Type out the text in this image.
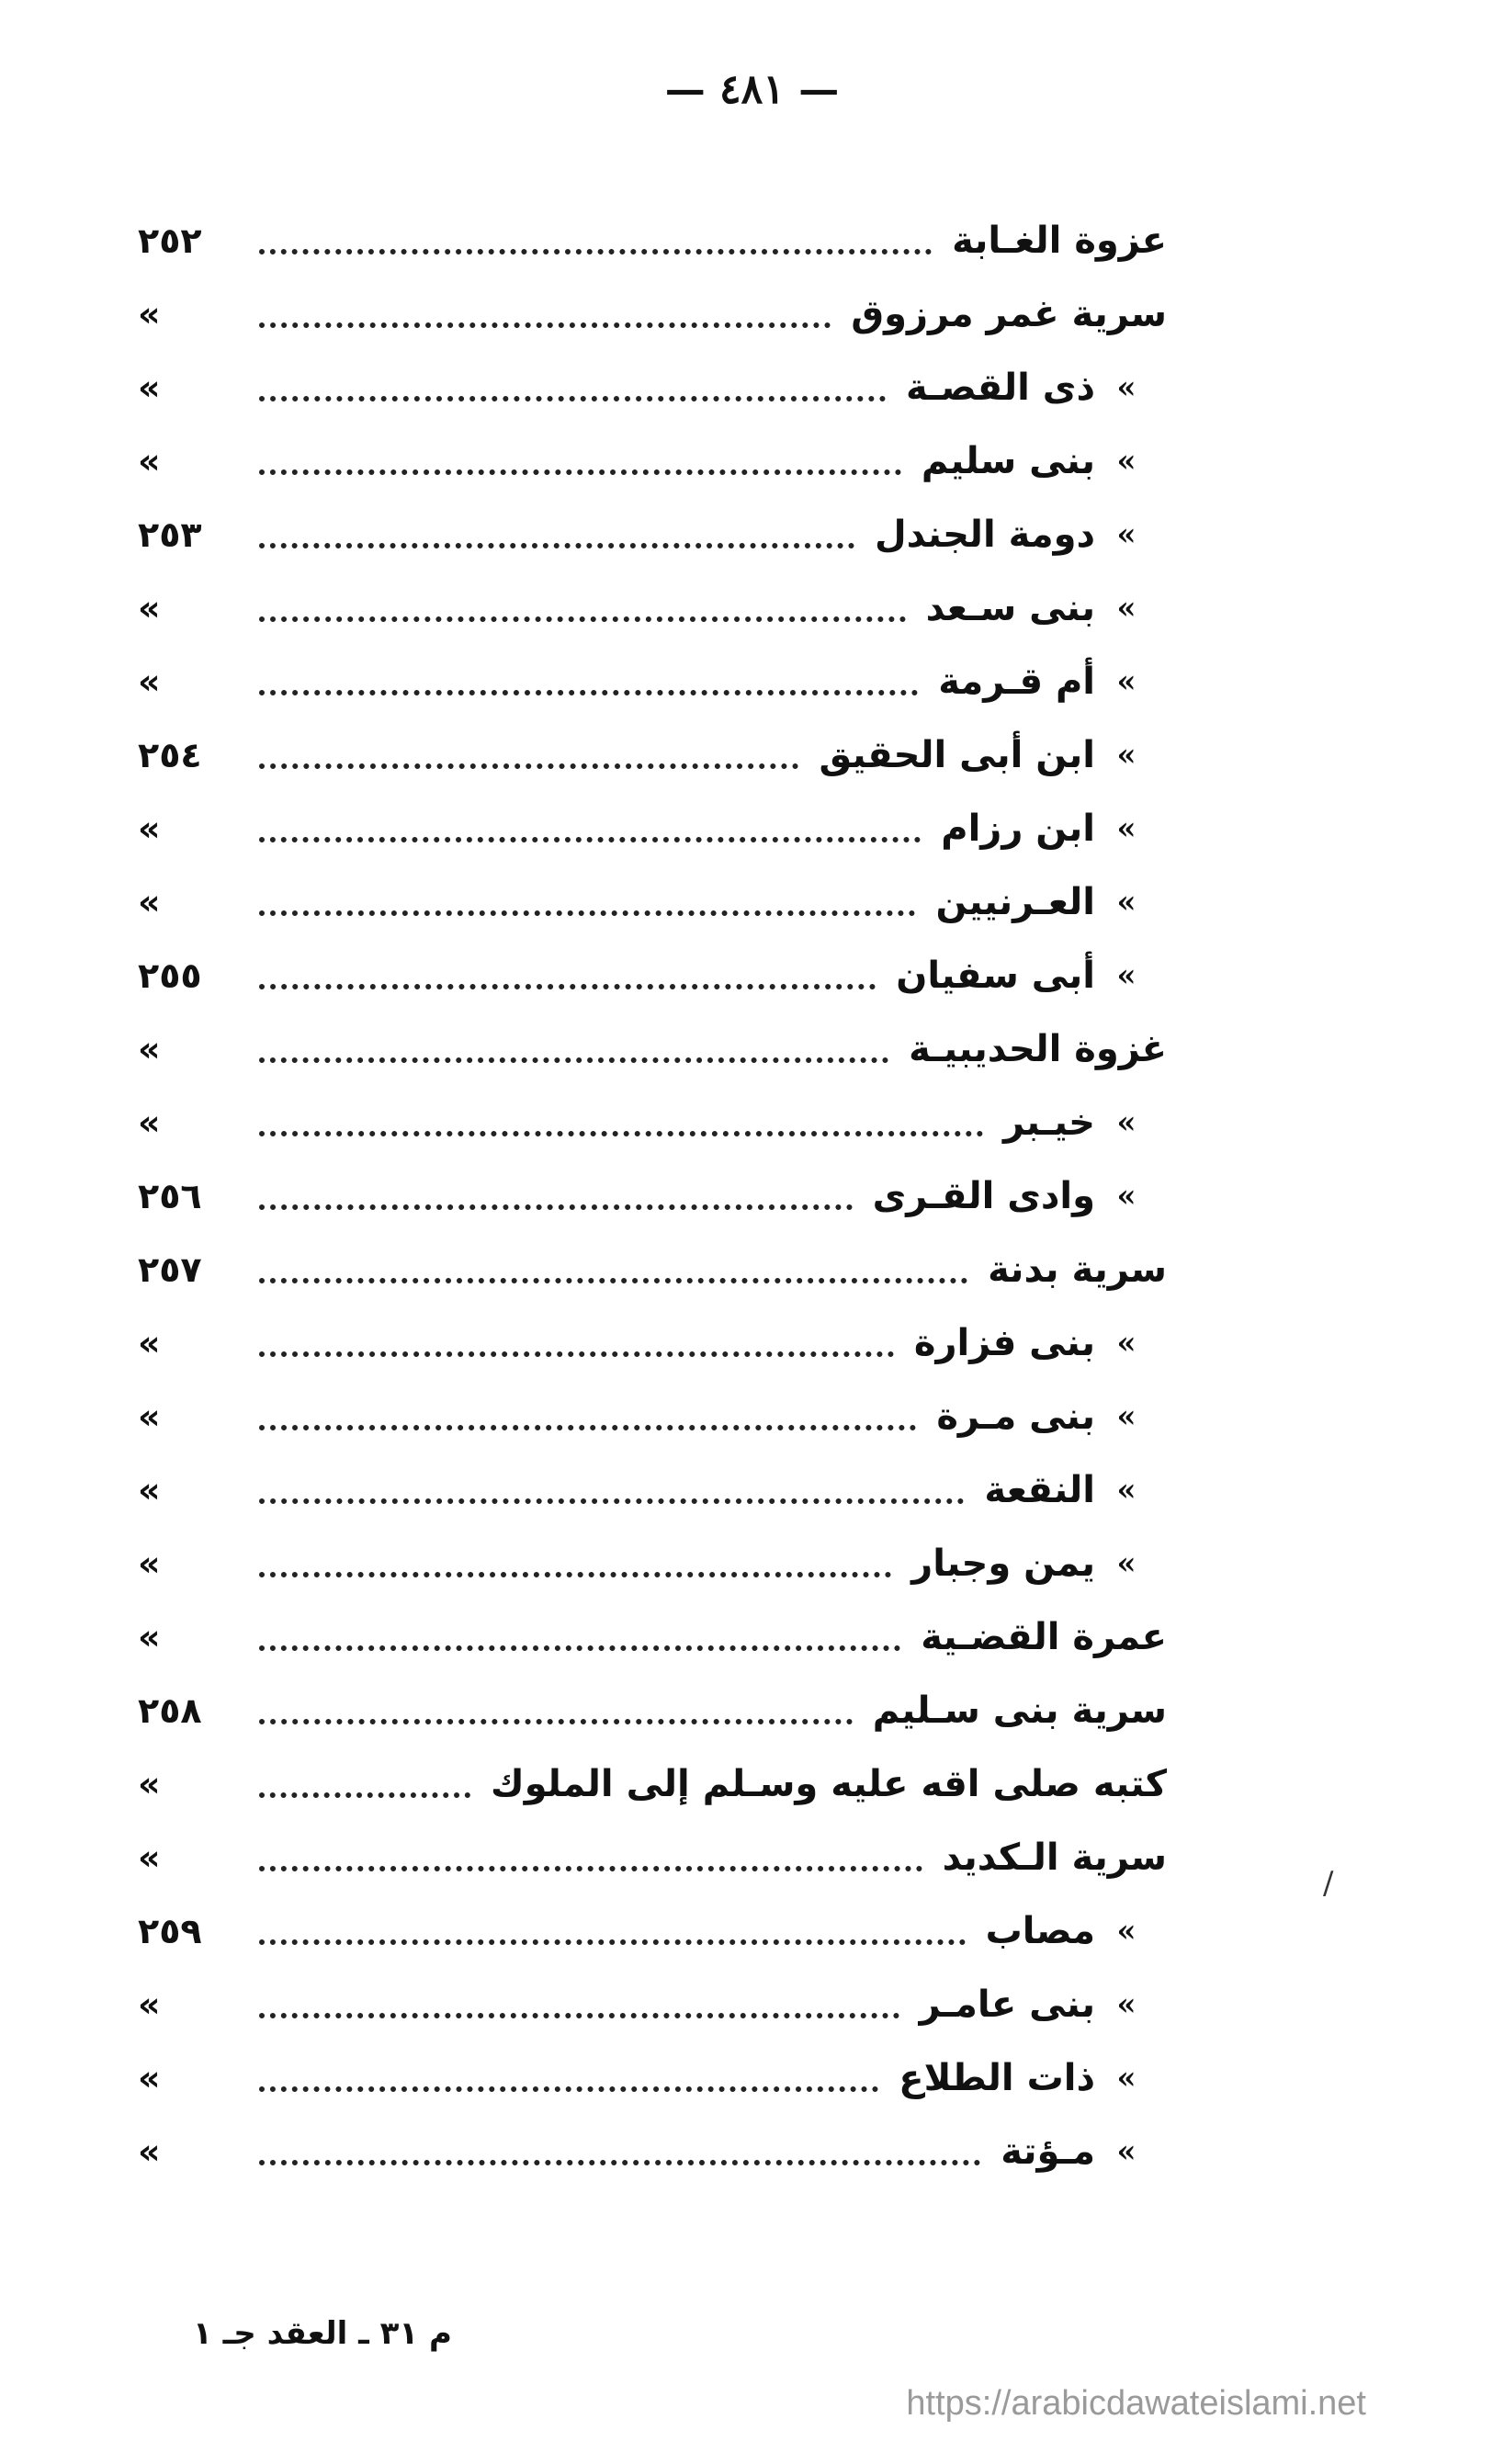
— ٤٨١ —
عزوة الغـابة
٢٥٢
سرية غمر مرزوق
»
»
ذى القصـة
»
»
بنى سليم
»
»
دومة الجندل
٢٥٣
»
بنى سـعد
»
»
أم قـرمة
»
»
ابن أبى الحقيق
٢٥٤
»
ابن رزام
»
»
العـرنيين
»
»
أبى سفيان
٢٥٥
غزوة الحديبيـة
»
»
خيـبر
»
»
وادى القـرى
٢٥٦
سرية بدنة
٢٥٧
»
بنى فزارة
»
»
بنى مـرة
»
»
النقعة
»
»
يمن وجبار
»
عمرة القضـية
»
سرية بنى سـليم
٢٥٨
كتبه صلى اقه عليه وسـلم إلى الملوك
»
سرية الـكديد
»
»
مصاب
٢٥٩
»
بنى عامـر
»
»
ذات الطلاع
»
»
مـؤتة
»
م ٣١ ـ العقد جـ ١
/
https://arabicdawateislami.net
